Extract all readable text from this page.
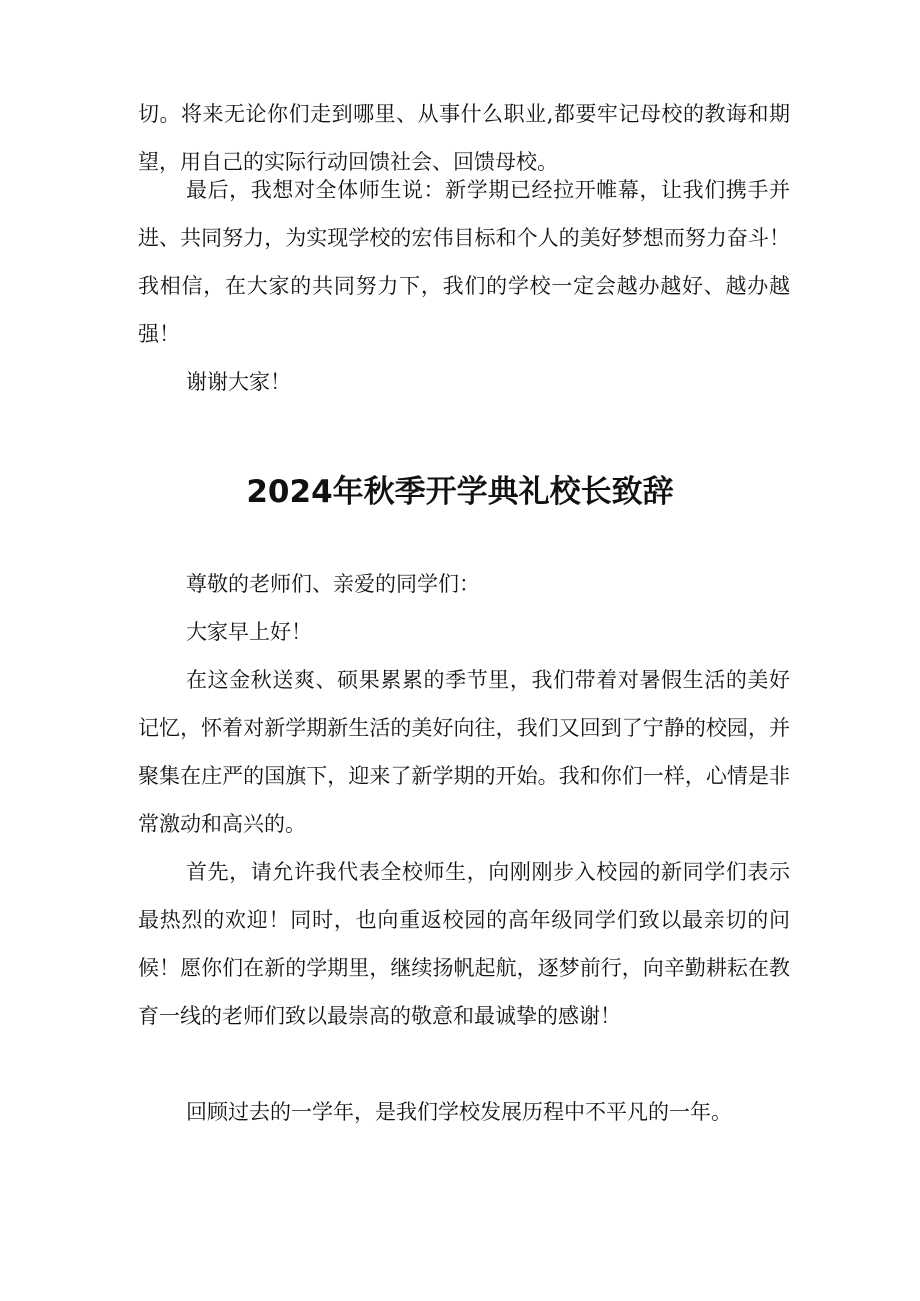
切。将来无论你们走到哪里、从事什么职业,都要牢记母校的教诲和期望，用自己的实际行动回馈社会、回馈母校。

最后，我想对全体师生说：新学期已经拉开帷幕，让我们携手并进、共同努力，为实现学校的宏伟目标和个人的美好梦想而努力奋斗！我相信，在大家的共同努力下，我们的学校一定会越办越好、越办越强！

谢谢大家！

2024年秋季开学典礼校长致辞

尊敬的老师们、亲爱的同学们：

大家早上好！

在这金秋送爽、硕果累累的季节里，我们带着对暑假生活的美好记忆，怀着对新学期新生活的美好向往，我们又回到了宁静的校园，并聚集在庄严的国旗下，迎来了新学期的开始。我和你们一样，心情是非常激动和高兴的。

首先，请允许我代表全校师生，向刚刚步入校园的新同学们表示最热烈的欢迎！同时，也向重返校园的高年级同学们致以最亲切的问候！愿你们在新的学期里，继续扬帆起航，逐梦前行，向辛勤耕耘在教育一线的老师们致以最崇高的敬意和最诚挚的感谢！

回顾过去的一学年，是我们学校发展历程中不平凡的一年。
